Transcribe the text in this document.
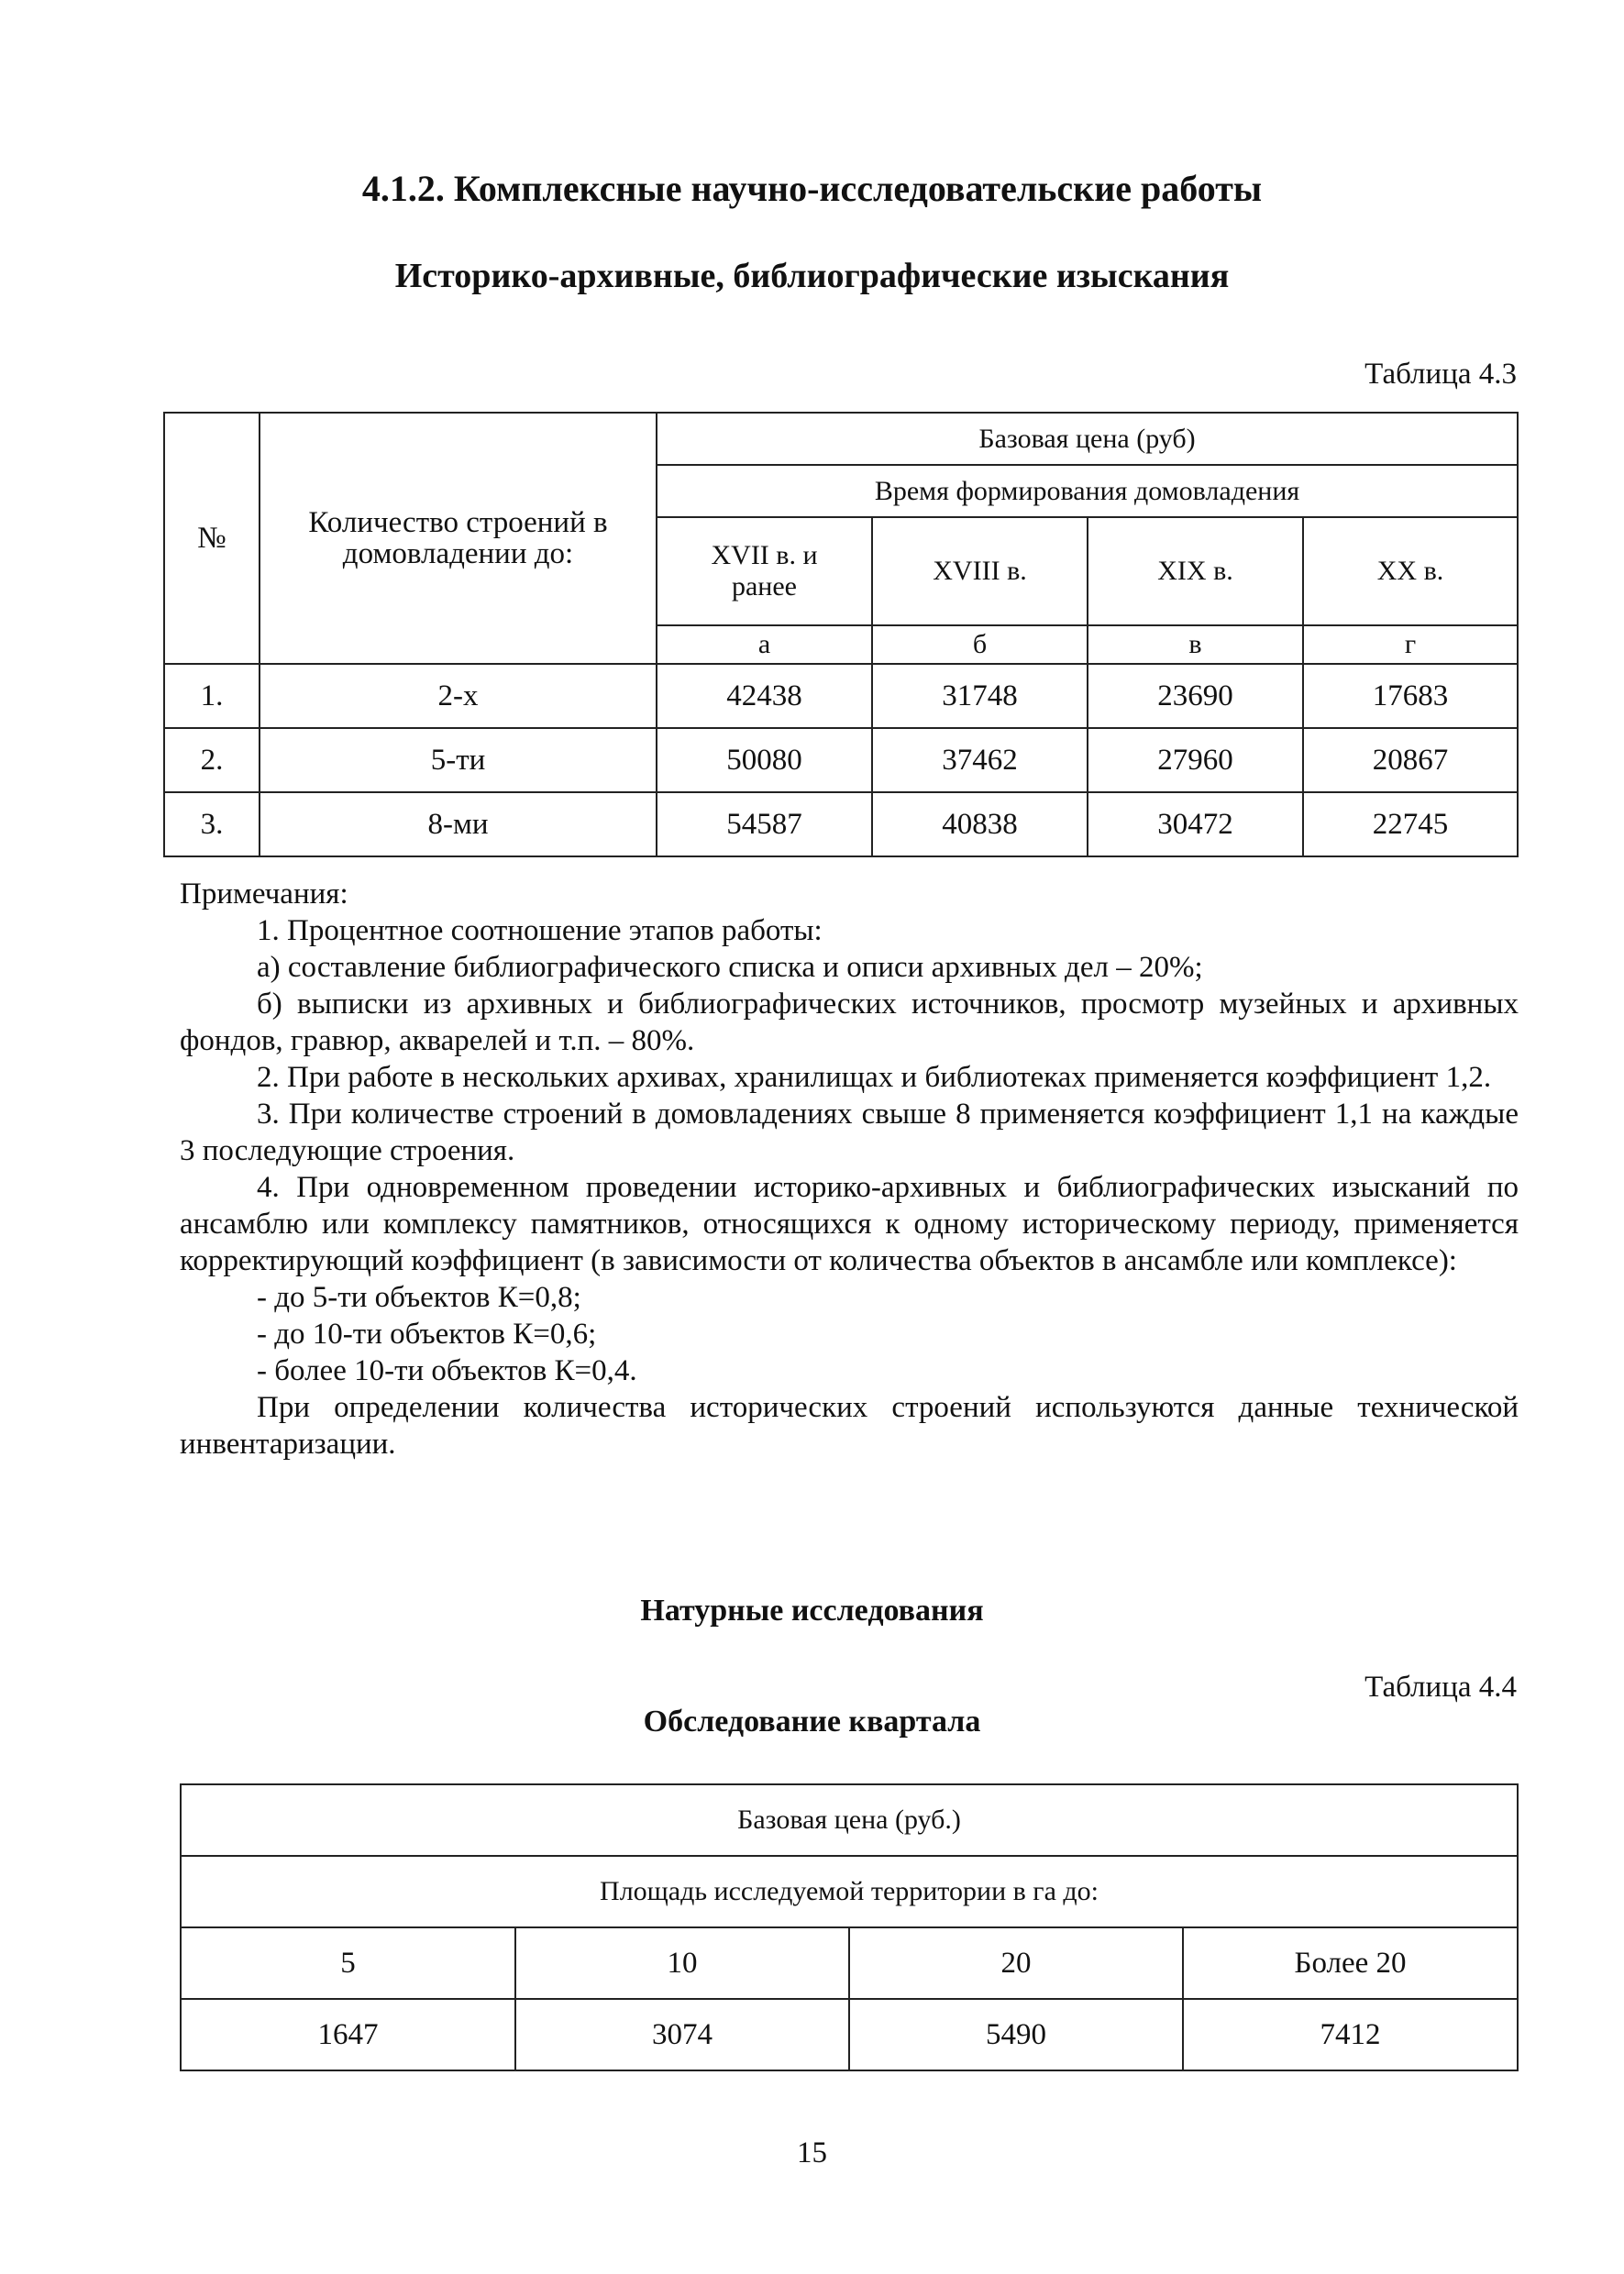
4.1.2. Комплексные научно-исследовательские работы
Историко-архивные, библиографические изыскания
Таблица 4.3
№	Количество строений в домовладении до:	Базовая цена (руб)			
		Время формирования домовладения			
		XVII в. и ранее	XVIII в.	XIX в.	XX в.
		а	б	в	г
1.	2-х	42438	31748	23690	17683
2.	5-ти	50080	37462	27960	20867
3.	8-ми	54587	40838	30472	22745

Примечания:

1. Процентное соотношение этапов работы:

а) составление библиографического списка и описи архивных дел – 20%;

б) выписки из архивных и библиографических источников, просмотр музейных и архивных фондов, гравюр, акварелей и т.п. – 80%.

2. При работе в нескольких архивах, хранилищах и библиотеках применяется коэффициент 1,2.

3. При количестве строений в домовладениях свыше 8 применяется коэффициент 1,1 на каждые 3 последующие строения.

4. При одновременном проведении историко-архивных и библиографических изысканий по ансамблю или комплексу памятников, относящихся к одному историческому периоду, применяется корректирующий коэффициент (в зависимости от количества объектов в ансамбле или комплексе):

- до 5-ти объектов К=0,8;

- до 10-ти объектов К=0,6;

- более 10-ти объектов К=0,4.

При определении количества исторических строений используются данные технической инвентаризации.

Натурные исследования
Таблица 4.4
Обследование квартала
Базовая цена (руб.)			
Площадь исследуемой территории в га до:			
5	10	20	Более 20
1647	3074	5490	7412
15
